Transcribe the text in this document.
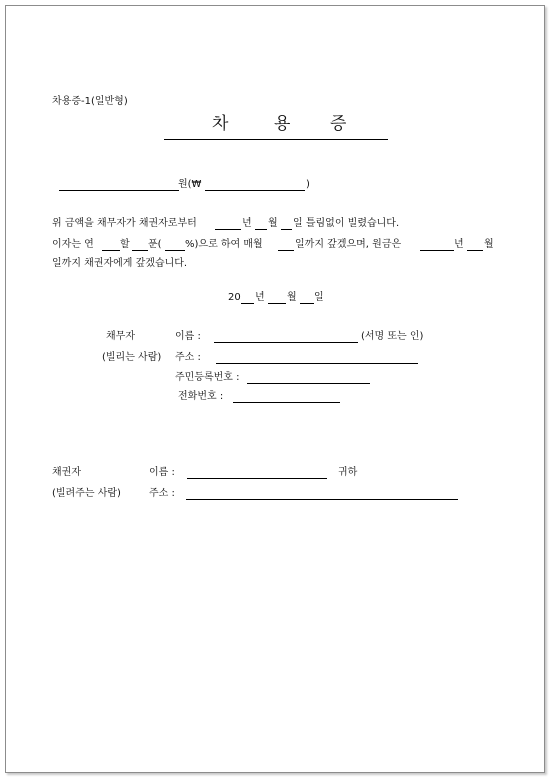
차용증-1(일반형)
차	용 증
원(₩	)
위 금액을 채무자가 채권자로부터	년 월 일 틀림없이 빌렸습니다.
이자는 연	할 푼( %)으로 하여 매월	일까지 갚겠으며, 원금은	년 월
일까지 채권자에게 갚겠습니다.
20 년 월 일
채무자	이름 :	(서명 또는 인)
(빌리는 사람) 주소 :
주민등록번호 :
전화번호 :
채권자	이름 :	귀하
(빌려주는 사람)	주소 :
